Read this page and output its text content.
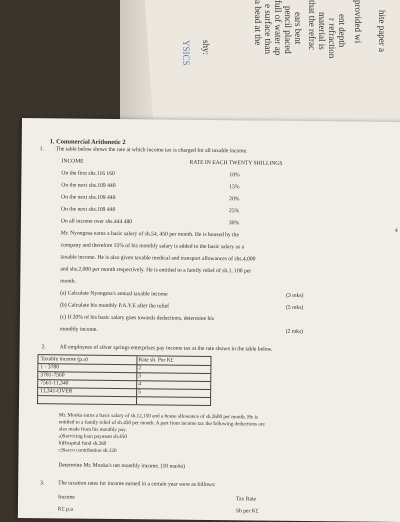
YSICS shy:
a bead at the e surface than full of water ap pencil placed ears bent that the refrac material is r refraction ent depth provided wi hite paper a
1. Commercial Arithmetic 2
1. The table below shows the rate at which income tax is charged for all taxable income.
INCOME	RATE IN EACH TWENTY SHILLINGS
On the first shs.116 160	10%
On the next shs.109 440	15%
On the next shs.109 440	20%
On the next shs.109 440	25%
On all income over shs.444 480	30%
Mr. Nyongesa earns a basic salary of sh.54, 450 per month. He is housed by the	4
company and therefore 15% of his monthly salary is added to the basic salary as a
taxable income. He is also given taxable medical and transport allowances of shs.4,000
and shs.2,000 per month respectively. He is entitled to a family relief of sh.1, 100 per
month.
(a) Calculate Nyongesa's annual taxable income	(3 mks)
(b) Calculate his monthly P.A.Y.E after the relief	(5 mks)
(c) If 20% of his basic salary goes towards deductions, determine his
monthly income.	(2 mks)
2. All employees of silver springs enterprises pay income tax at the rate shown in the table below.
Taxable income (p.a)	Rate sh. Per K£
1 - 3780	2
3781-7560	3
7561-11,340	4
11,341-OVER	5
Mr. Mooka earns a basic salary of sh.12,150 and a house allowance of sh.2600 per month. He is
entitled to a family relief of sh.450 per month. A part from income tax the following deductions are
also made from his monthly pay.
a)Servicing loan payment sh.450
b)Hospital fund sh.260
c)Sacco contribution sh.120
Determine Mr. Mooka's net monthly income. (10 marks)
3. The taxation rates for income earned in a certain year were as follows:
Income	Tax Rate
K£ p.a	Sh per K£
